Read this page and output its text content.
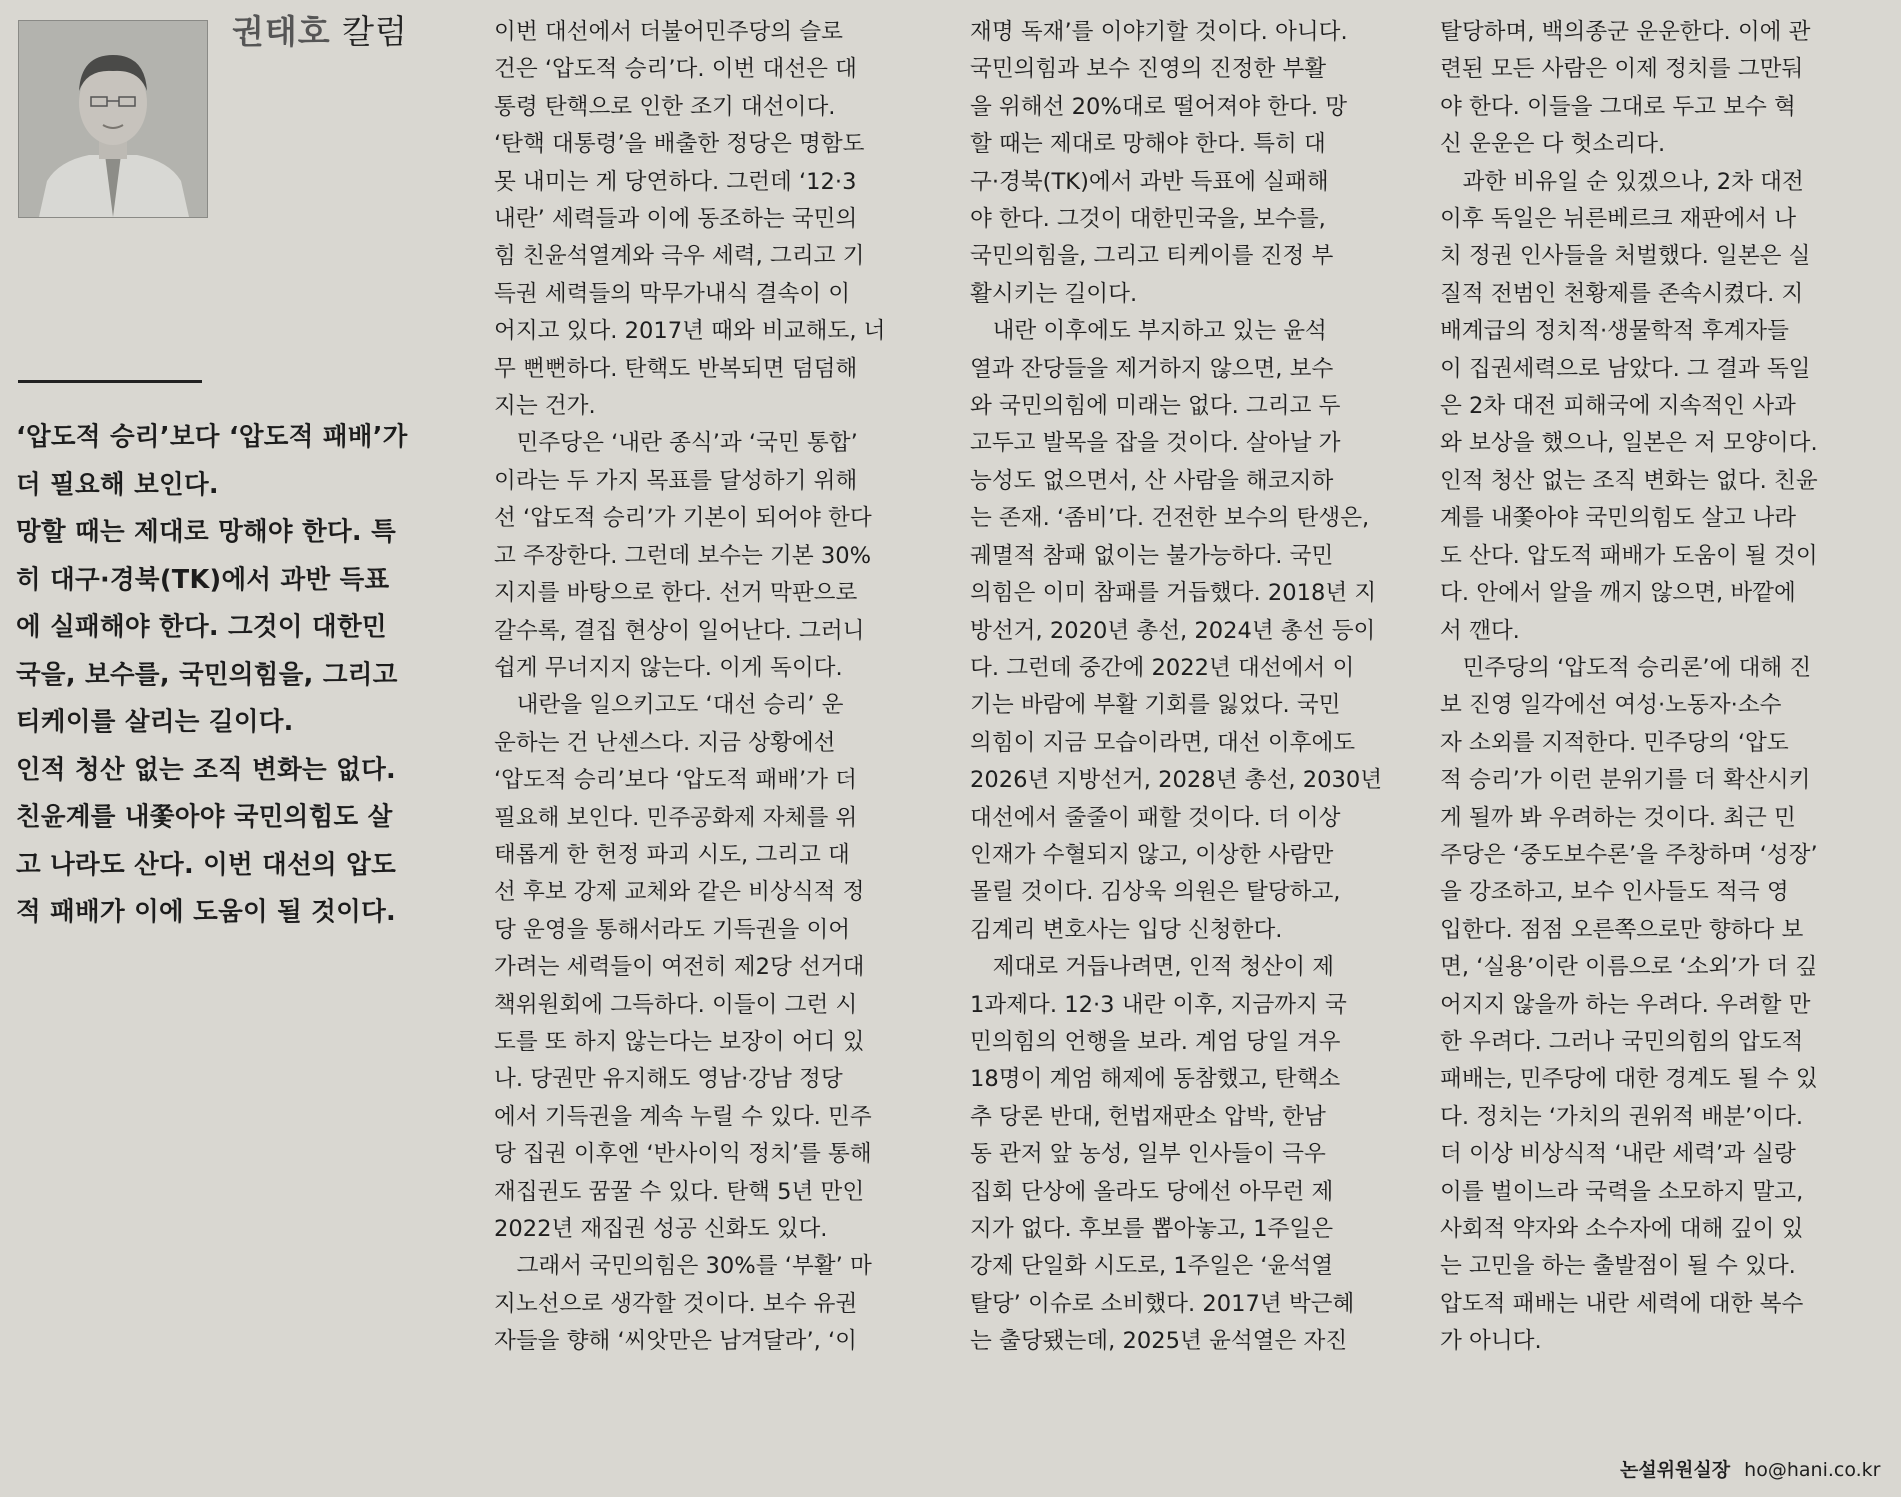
권태호 칼럼

‘압도적 승리’보다 ‘압도적 패배’가
더 필요해 보인다.

망할 때는 제대로 망해야 한다. 특
히 대구·경북(TK)에서 과반 득표
에 실패해야 한다. 그것이 대한민
국을, 보수를, 국민의힘을, 그리고
티케이를 살리는 길이다.

인적 청산 없는 조직 변화는 없다.
친윤계를 내쫓아야 국민의힘도 살
고 나라도 산다. 이번 대선의 압도
적 패배가 이에 도움이 될 것이다.

이번 대선에서 더불어민주당의 슬로
건은 ‘압도적 승리’다. 이번 대선은 대
통령 탄핵으로 인한 조기 대선이다.
‘탄핵 대통령’을 배출한 정당은 명함도
못 내미는 게 당연하다. 그런데 ‘12·3
내란’ 세력들과 이에 동조하는 국민의
힘 친윤석열계와 극우 세력, 그리고 기
득권 세력들의 막무가내식 결속이 이
어지고 있다. 2017년 때와 비교해도, 너
무 뻔뻔하다. 탄핵도 반복되면 덤덤해
지는 건가.
　민주당은 ‘내란 종식’과 ‘국민 통합’
이라는 두 가지 목표를 달성하기 위해
선 ‘압도적 승리’가 기본이 되어야 한다
고 주장한다. 그런데 보수는 기본 30%
지지를 바탕으로 한다. 선거 막판으로
갈수록, 결집 현상이 일어난다. 그러니
쉽게 무너지지 않는다. 이게 독이다.
　내란을 일으키고도 ‘대선 승리’ 운
운하는 건 난센스다. 지금 상황에선
‘압도적 승리’보다 ‘압도적 패배’가 더
필요해 보인다. 민주공화제 자체를 위
태롭게 한 헌정 파괴 시도, 그리고 대
선 후보 강제 교체와 같은 비상식적 정
당 운영을 통해서라도 기득권을 이어
가려는 세력들이 여전히 제2당 선거대
책위원회에 그득하다. 이들이 그런 시
도를 또 하지 않는다는 보장이 어디 있
나. 당권만 유지해도 영남·강남 정당
에서 기득권을 계속 누릴 수 있다. 민주
당 집권 이후엔 ‘반사이익 정치’를 통해
재집권도 꿈꿀 수 있다. 탄핵 5년 만인
2022년 재집권 성공 신화도 있다.
　그래서 국민의힘은 30%를 ‘부활’ 마
지노선으로 생각할 것이다. 보수 유권
자들을 향해 ‘씨앗만은 남겨달라’, ‘이
재명 독재’를 이야기할 것이다. 아니다.
국민의힘과 보수 진영의 진정한 부활
을 위해선 20%대로 떨어져야 한다. 망
할 때는 제대로 망해야 한다. 특히 대
구·경북(TK)에서 과반 득표에 실패해
야 한다. 그것이 대한민국을, 보수를,
국민의힘을, 그리고 티케이를 진정 부
활시키는 길이다.
　내란 이후에도 부지하고 있는 윤석
열과 잔당들을 제거하지 않으면, 보수
와 국민의힘에 미래는 없다. 그리고 두
고두고 발목을 잡을 것이다. 살아날 가
능성도 없으면서, 산 사람을 해코지하
는 존재. ‘좀비’다. 건전한 보수의 탄생은,
궤멸적 참패 없이는 불가능하다. 국민
의힘은 이미 참패를 거듭했다. 2018년 지
방선거, 2020년 총선, 2024년 총선 등이
다. 그런데 중간에 2022년 대선에서 이
기는 바람에 부활 기회를 잃었다. 국민
의힘이 지금 모습이라면, 대선 이후에도
2026년 지방선거, 2028년 총선, 2030년
대선에서 줄줄이 패할 것이다. 더 이상
인재가 수혈되지 않고, 이상한 사람만
몰릴 것이다. 김상욱 의원은 탈당하고,
김계리 변호사는 입당 신청한다.
　제대로 거듭나려면, 인적 청산이 제
1과제다. 12·3 내란 이후, 지금까지 국
민의힘의 언행을 보라. 계엄 당일 겨우
18명이 계엄 해제에 동참했고, 탄핵소
추 당론 반대, 헌법재판소 압박, 한남
동 관저 앞 농성, 일부 인사들이 극우
집회 단상에 올라도 당에선 아무런 제
지가 없다. 후보를 뽑아놓고, 1주일은
강제 단일화 시도로, 1주일은 ‘윤석열
탈당’ 이슈로 소비했다. 2017년 박근혜
는 출당됐는데, 2025년 윤석열은 자진
탈당하며, 백의종군 운운한다. 이에 관
련된 모든 사람은 이제 정치를 그만둬
야 한다. 이들을 그대로 두고 보수 혁
신 운운은 다 헛소리다.
　과한 비유일 순 있겠으나, 2차 대전
이후 독일은 뉘른베르크 재판에서 나
치 정권 인사들을 처벌했다. 일본은 실
질적 전범인 천황제를 존속시켰다. 지
배계급의 정치적·생물학적 후계자들
이 집권세력으로 남았다. 그 결과 독일
은 2차 대전 피해국에 지속적인 사과
와 보상을 했으나, 일본은 저 모양이다.
인적 청산 없는 조직 변화는 없다. 친윤
계를 내쫓아야 국민의힘도 살고 나라
도 산다. 압도적 패배가 도움이 될 것이
다. 안에서 알을 깨지 않으면, 바깥에
서 깬다.
　민주당의 ‘압도적 승리론’에 대해 진
보 진영 일각에선 여성·노동자·소수
자 소외를 지적한다. 민주당의 ‘압도
적 승리’가 이런 분위기를 더 확산시키
게 될까 봐 우려하는 것이다. 최근 민
주당은 ‘중도보수론’을 주창하며 ‘성장’
을 강조하고, 보수 인사들도 적극 영
입한다. 점점 오른쪽으로만 향하다 보
면, ‘실용’이란 이름으로 ‘소외’가 더 깊
어지지 않을까 하는 우려다. 우려할 만
한 우려다. 그러나 국민의힘의 압도적
패배는, 민주당에 대한 경계도 될 수 있
다. 정치는 ‘가치의 권위적 배분’이다.
더 이상 비상식적 ‘내란 세력’과 실랑
이를 벌이느라 국력을 소모하지 말고,
사회적 약자와 소수자에 대해 깊이 있
는 고민을 하는 출발점이 될 수 있다.
압도적 패배는 내란 세력에 대한 복수
가 아니다.
논설위원실장 ho@hani.co.kr
